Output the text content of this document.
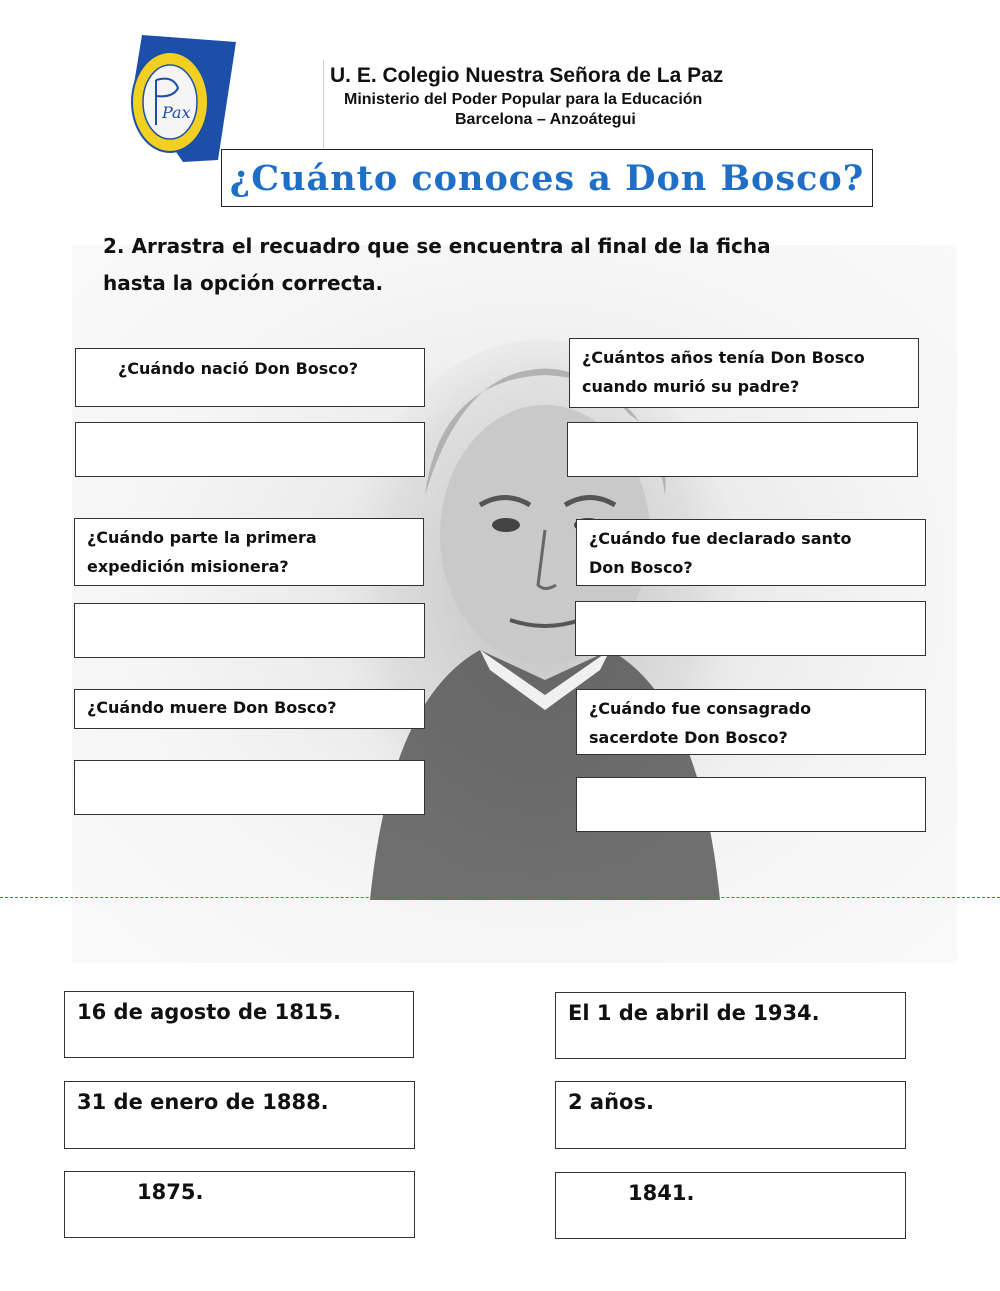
Pax
U. E. Colegio Nuestra Señora de La Paz
Ministerio del Poder Popular para la Educación
Barcelona – Anzoátegui
¿Cuánto conoces a Don Bosco?
2. Arrastra el recuadro que se encuentra al final de la ficha
hasta la opción correcta.
¿Cuándo nació Don Bosco?
¿Cuántos años tenía Don Bosco
cuando murió su padre?
¿Cuándo parte la primera
expedición misionera?
¿Cuándo fue declarado santo
Don Bosco?
¿Cuándo muere Don Bosco?	¿Cuándo fue consagrado
sacerdote Don Bosco?
16 de agosto de 1815.	El 1 de abril de 1934.
31 de enero de 1888.	2 años.
1875.	1841.
